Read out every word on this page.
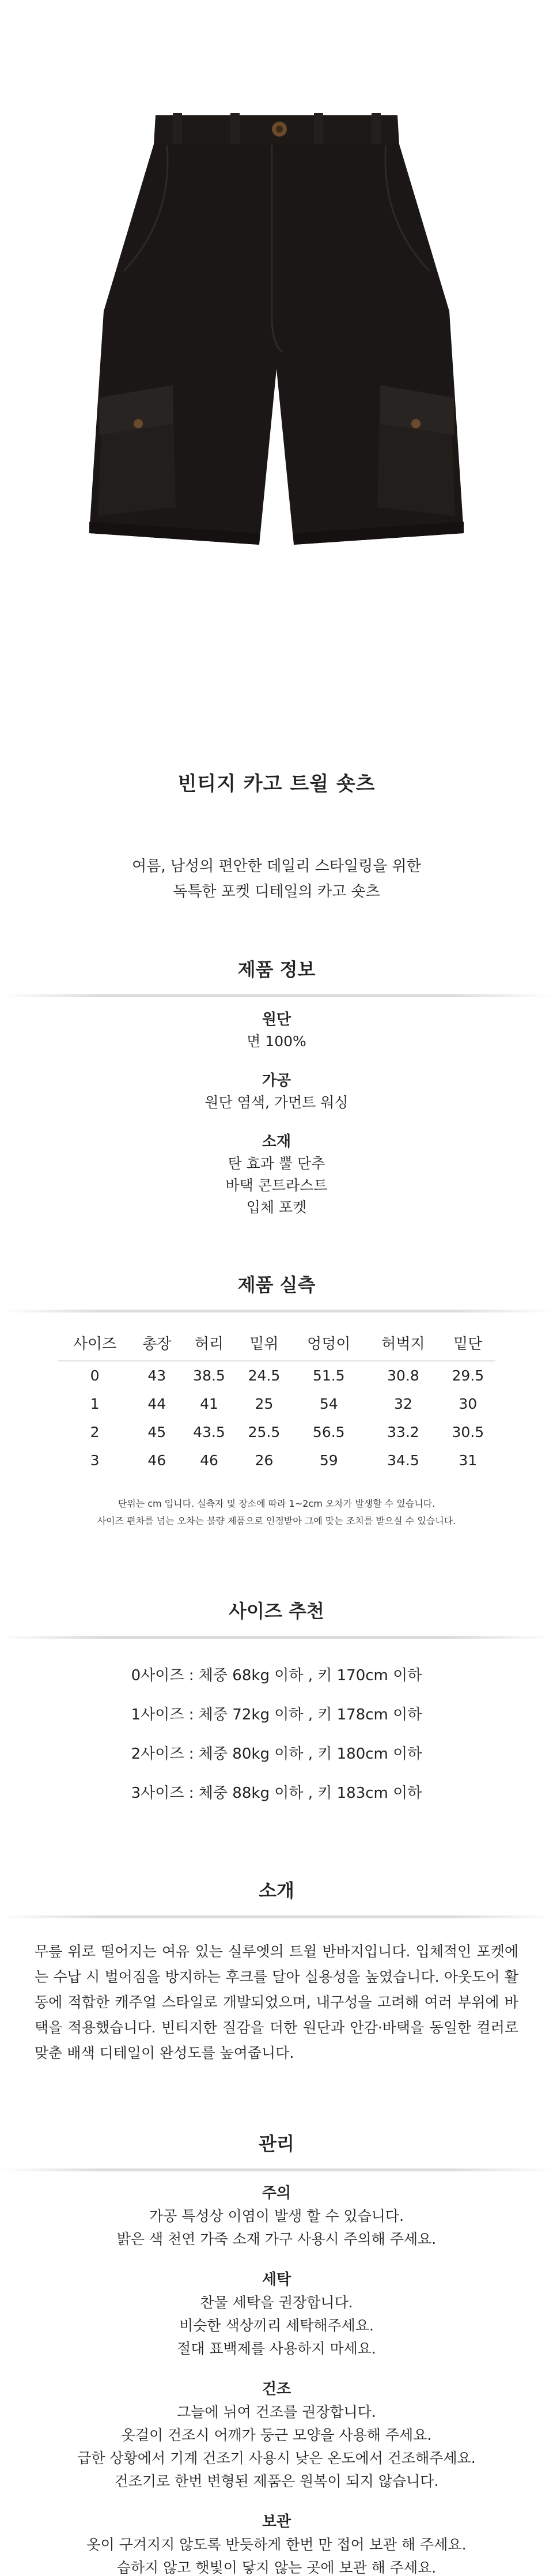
빈티지 카고 트윌 숏츠
여름, 남성의 편안한 데일리 스타일링을 위한
독특한 포켓 디테일의 카고 숏츠
제품 정보
원단
면 100%
가공
원단 염색, 가먼트 워싱
소재
탄 효과 뿔 단추
바택 콘트라스트
입체 포켓
제품 실측
사이즈	총장	허리	밑위	엉덩이	허벅지	밑단
0	43	38.5	24.5	51.5	30.8	29.5
1	44	41	25	54	32	30
2	45	43.5	25.5	56.5	33.2	30.5
3	46	46	26	59	34.5	31
단위는 cm 입니다. 실측자 및 장소에 따라 1~2cm 오차가 발생할 수 있습니다.
사이즈 편차를 넘는 오차는 불량 제품으로 인정받아 그에 맞는 조치를 받으실 수 있습니다.
사이즈 추천
0사이즈 : 체중 68kg 이하 , 키 170cm 이하
1사이즈 : 체중 72kg 이하 , 키 178cm 이하
2사이즈 : 체중 80kg 이하 , 키 180cm 이하
3사이즈 : 체중 88kg 이하 , 키 183cm 이하
소개
무릎 위로 떨어지는 여유 있는 실루엣의 트윌 반바지입니다. 입체적인 포켓에는 수납 시 벌어짐을 방지하는 후크를 달아 실용성을 높였습니다. 아웃도어 활동에 적합한 캐주얼 스타일로 개발되었으며, 내구성을 고려해 여러 부위에 바택을 적용했습니다. 빈티지한 질감을 더한 원단과 안감·바택을 동일한 컬러로 맞춘 배색 디테일이 완성도를 높여줍니다.
관리
주의
가공 특성상 이염이 발생 할 수 있습니다.
밝은 색 천연 가죽 소재 가구 사용시 주의해 주세요.
세탁
찬물 세탁을 권장합니다.
비슷한 색상끼리 세탁해주세요.
절대 표백제를 사용하지 마세요.
건조
그늘에 뉘여 건조를 권장합니다.
옷걸이 건조시 어깨가 둥근 모양을 사용해 주세요.
급한 상황에서 기계 건조기 사용시 낮은 온도에서 건조해주세요.
건조기로 한번 변형된 제품은 원복이 되지 않습니다.
보관
옷이 구겨지지 않도록 반듯하게 한번 만 접어 보관 해 주세요.
습하지 않고 햇빛이 닿지 않는 곳에 보관 해 주세요.
